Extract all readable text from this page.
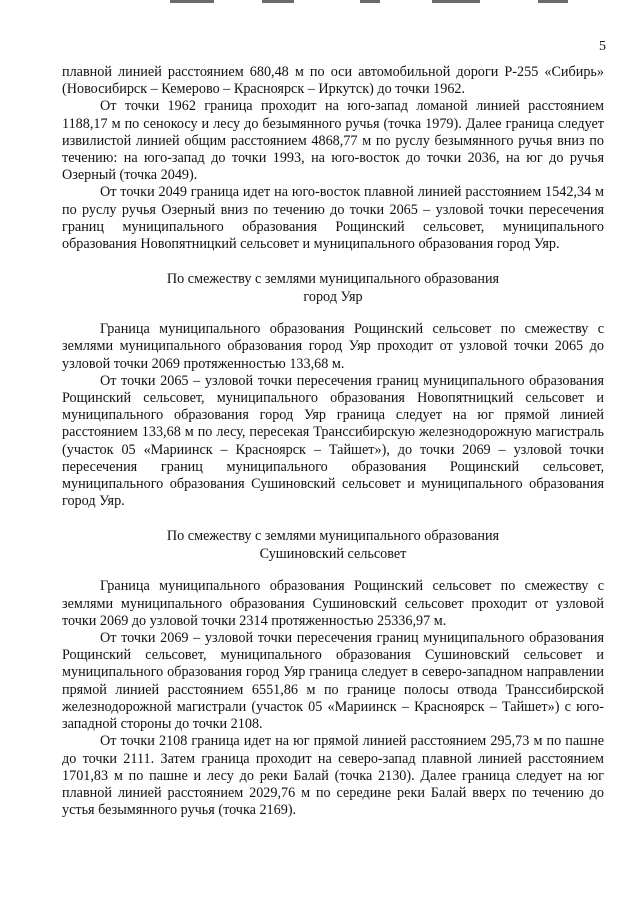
5

плавной линией расстоянием 680,48 м по оси автомобильной дороги Р-255 «Сибирь» (Новосибирск – Кемерово – Красноярск – Иркутск) до точки 1962.

От точки 1962 граница проходит на юго-запад ломаной линией расстоянием 1188,17 м по сенокосу и лесу до безымянного ручья (точка 1979). Далее граница следует извилистой линией общим расстоянием 4868,77 м по руслу безымянного ручья вниз по течению: на юго-запад до точки 1993, на юго-восток до точки 2036, на юг до ручья Озерный (точка 2049).

От точки 2049 граница идет на юго-восток плавной линией расстоянием 1542,34 м по руслу ручья Озерный вниз по течению до точки 2065 – узловой точки пересечения границ муниципального образования Рощинский сельсовет, муниципального образования Новопятницкий сельсовет и муниципального образования город Уяр.

По смежеству с землями муниципального образования
город Уяр

Граница муниципального образования Рощинский сельсовет по смежеству с землями муниципального образования город Уяр проходит от узловой точки 2065 до узловой точки 2069 протяженностью 133,68 м.

От точки 2065 – узловой точки пересечения границ муниципального образования Рощинский сельсовет, муниципального образования Новопятницкий сельсовет и муниципального образования город Уяр граница следует на юг прямой линией расстоянием 133,68 м по лесу, пересекая Транссибирскую железнодорожную магистраль (участок 05 «Мариинск – Красноярск – Тайшет»), до точки 2069 – узловой точки пересечения границ муниципального образования Рощинский сельсовет, муниципального образования Сушиновский сельсовет и муниципального образования город Уяр.

По смежеству с землями муниципального образования
Сушиновский сельсовет

Граница муниципального образования Рощинский сельсовет по смежеству с землями муниципального образования Сушиновский сельсовет проходит от узловой точки 2069 до узловой точки 2314 протяженностью 25336,97 м.

От точки 2069 – узловой точки пересечения границ муниципального образования Рощинский сельсовет, муниципального образования Сушиновский сельсовет и муниципального образования город Уяр граница следует в северо-западном направлении прямой линией расстоянием 6551,86 м по границе полосы отвода Транссибирской железнодорожной магистрали (участок 05 «Мариинск – Красноярск – Тайшет») с юго-западной стороны до точки 2108.

От точки 2108 граница идет на юг прямой линией расстоянием 295,73 м по пашне до точки 2111. Затем граница проходит на северо-запад плавной линией расстоянием 1701,83 м по пашне и лесу до реки Балай (точка 2130). Далее граница следует на юг плавной линией расстоянием 2029,76 м по середине реки Балай вверх по течению до устья безымянного ручья (точка 2169).
